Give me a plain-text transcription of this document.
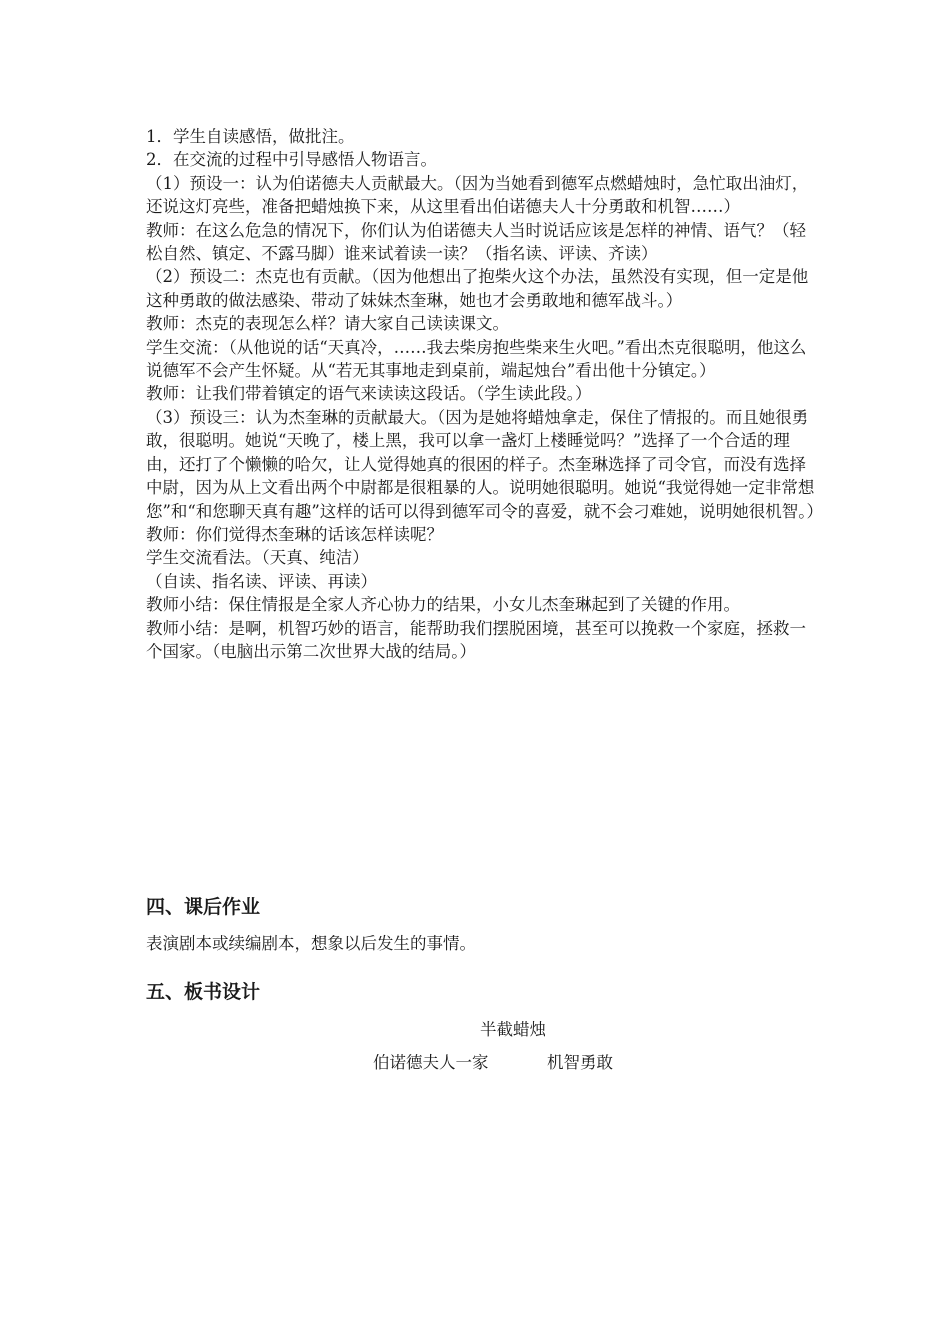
1．学生自读感悟，做批注。

2．在交流的过程中引导感悟人物语言。

（1）预设一：认为伯诺德夫人贡献最大。（因为当她看到德军点燃蜡烛时，急忙取出油灯，还说这灯亮些，准备把蜡烛换下来，从这里看出伯诺德夫人十分勇敢和机智……）

教师：在这么危急的情况下，你们认为伯诺德夫人当时说话应该是怎样的神情、语气？（轻松自然、镇定、不露马脚）谁来试着读一读？（指名读、评读、齐读）

（2）预设二：杰克也有贡献。（因为他想出了抱柴火这个办法，虽然没有实现，但一定是他这种勇敢的做法感染、带动了妹妹杰奎琳，她也才会勇敢地和德军战斗。）

教师：杰克的表现怎么样？请大家自己读读课文。

学生交流：（从他说的话“天真冷，……我去柴房抱些柴来生火吧。”看出杰克很聪明，他这么说德军不会产生怀疑。从“若无其事地走到桌前，端起烛台”看出他十分镇定。）

教师：让我们带着镇定的语气来读读这段话。（学生读此段。）

（3）预设三：认为杰奎琳的贡献最大。（因为是她将蜡烛拿走，保住了情报的。而且她很勇敢，很聪明。她说“天晚了，楼上黑，我可以拿一盏灯上楼睡觉吗？”选择了一个合适的理由，还打了个懒懒的哈欠，让人觉得她真的很困的样子。杰奎琳选择了司令官，而没有选择中尉，因为从上文看出两个中尉都是很粗暴的人。说明她很聪明。她说“我觉得她一定非常想您”和“和您聊天真有趣”这样的话可以得到德军司令的喜爱，就不会刁难她，说明她很机智。）

教师：你们觉得杰奎琳的话该怎样读呢？

学生交流看法。（天真、纯洁）

（自读、指名读、评读、再读）

教师小结：保住情报是全家人齐心协力的结果，小女儿杰奎琳起到了关键的作用。

教师小结：是啊，机智巧妙的语言，能帮助我们摆脱困境，甚至可以挽救一个家庭，拯救一个国家。（电脑出示第二次世界大战的结局。）

四、课后作业
表演剧本或续编剧本，想象以后发生的事情。
五、板书设计
半截蜡烛
伯诺德夫人一家	机智勇敢
